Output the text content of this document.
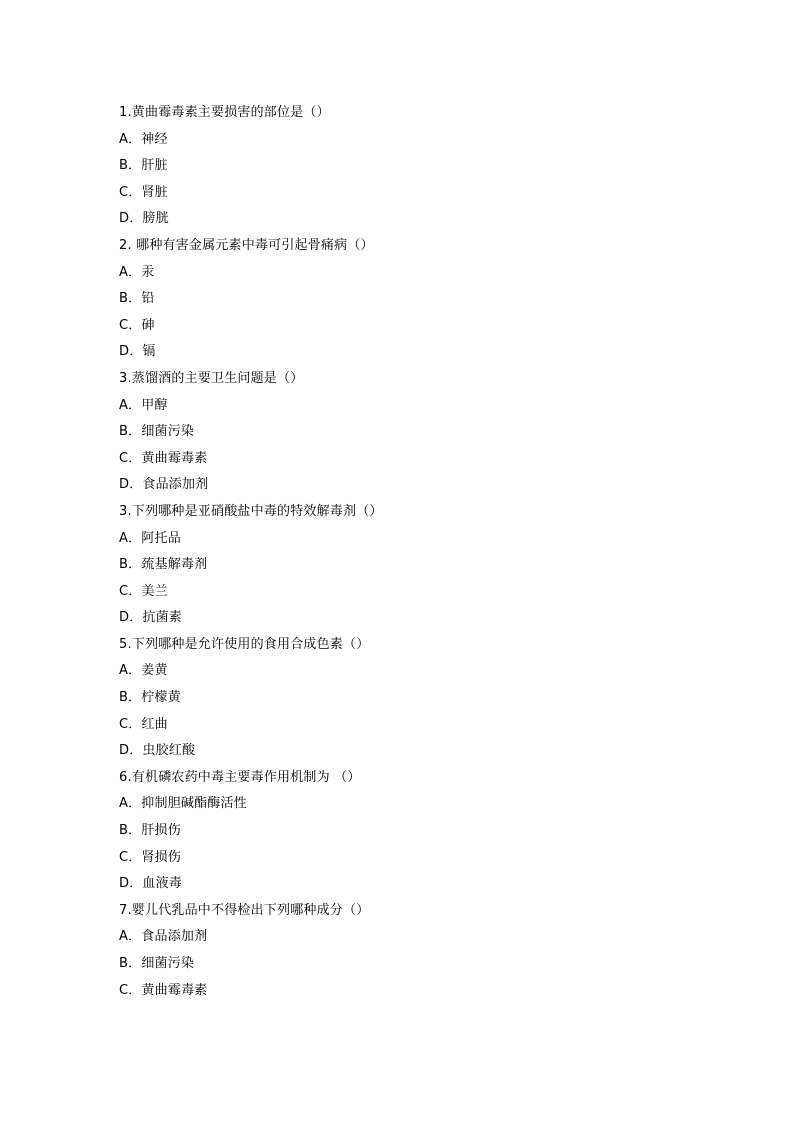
1.黄曲霉毒素主要损害的部位是（）
A．神经
B．肝脏
C．肾脏
D．膀胱
2. 哪种有害金属元素中毒可引起骨痛病（）
A．汞
B．铅
C．砷
D．镉
3.蒸馏酒的主要卫生问题是（）
A．甲醇
B．细菌污染
C．黄曲霉毒素
D．食品添加剂
3.下列哪种是亚硝酸盐中毒的特效解毒剂（）
A．阿托品
B．巯基解毒剂
C．美兰
D．抗菌素
5.下列哪种是允许使用的食用合成色素（）
A．姜黄
B．柠檬黄
C．红曲
D．虫胶红酸
6.有机磷农药中毒主要毒作用机制为 （）
A．抑制胆碱酯酶活性
B．肝损伤
C．肾损伤
D．血液毒
7.婴儿代乳品中不得检出下列哪种成分（）
A．食品添加剂
B．细菌污染
C．黄曲霉毒素
